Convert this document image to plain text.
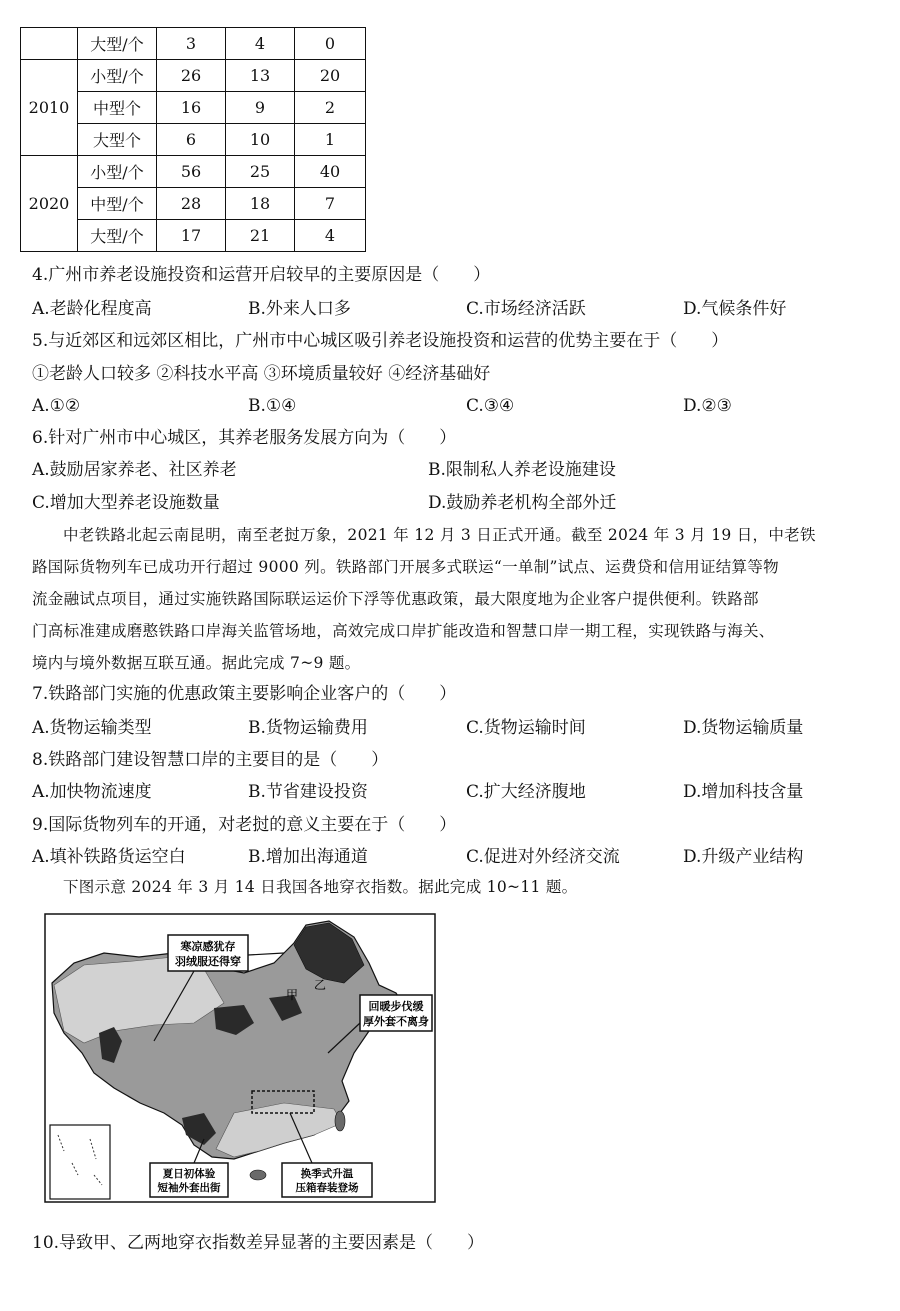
	大型/个	3	4	0
2010	小型/个	26	13	20
	中型个	16	9	2
	大型个	6	10	1
2020	小型/个	56	25	40
	中型/个	28	18	7
	大型/个	17	21	4
4.广州市养老设施投资和运营开启较早的主要原因是（　　）
A.老龄化程度高	B.外来人口多	C.市场经济活跃	D.气候条件好
5.与近郊区和远郊区相比，广州市中心城区吸引养老设施投资和运营的优势主要在于（　　）
①老龄人口较多 ②科技水平高 ③环境质量较好 ④经济基础好
A.①②	B.①④	C.③④	D.②③
6.针对广州市中心城区，其养老服务发展方向为（　　）
A.鼓励居家养老、社区养老	B.限制私人养老设施建设
C.增加大型养老设施数量	D.鼓励养老机构全部外迁
中老铁路北起云南昆明，南至老挝万象，2021 年 12 月 3 日正式开通。截至 2024 年 3 月 19 日，中老铁
路国际货物列车已成功开行超过 9000 列。铁路部门开展多式联运“一单制”试点、运费贷和信用证结算等物
流金融试点项目，通过实施铁路国际联运运价下浮等优惠政策，最大限度地为企业客户提供便利。铁路部
门高标准建成磨憨铁路口岸海关监管场地，高效完成口岸扩能改造和智慧口岸一期工程，实现铁路与海关、
境内与境外数据互联互通。据此完成 7~9 题。
7.铁路部门实施的优惠政策主要影响企业客户的（　　）
A.货物运输类型	B.货物运输费用	C.货物运输时间	D.货物运输质量
8.铁路部门建设智慧口岸的主要目的是（　　）
A.加快物流速度	B.节省建设投资	C.扩大经济腹地	D.增加科技含量
9.国际货物列车的开通，对老挝的意义主要在于（　　）
A.填补铁路货运空白	B.增加出海通道	C.促进对外经济交流	D.升级产业结构
下图示意 2024 年 3 月 14 日我国各地穿衣指数。据此完成 10~11 题。
寒凉感犹存
羽绒服还得穿
回暖步伐缓
厚外套不离身
夏日初体验
短袖外套出街
换季式升温
压箱春装登场
甲
乙
10.导致甲、乙两地穿衣指数差异显著的主要因素是（　　）
